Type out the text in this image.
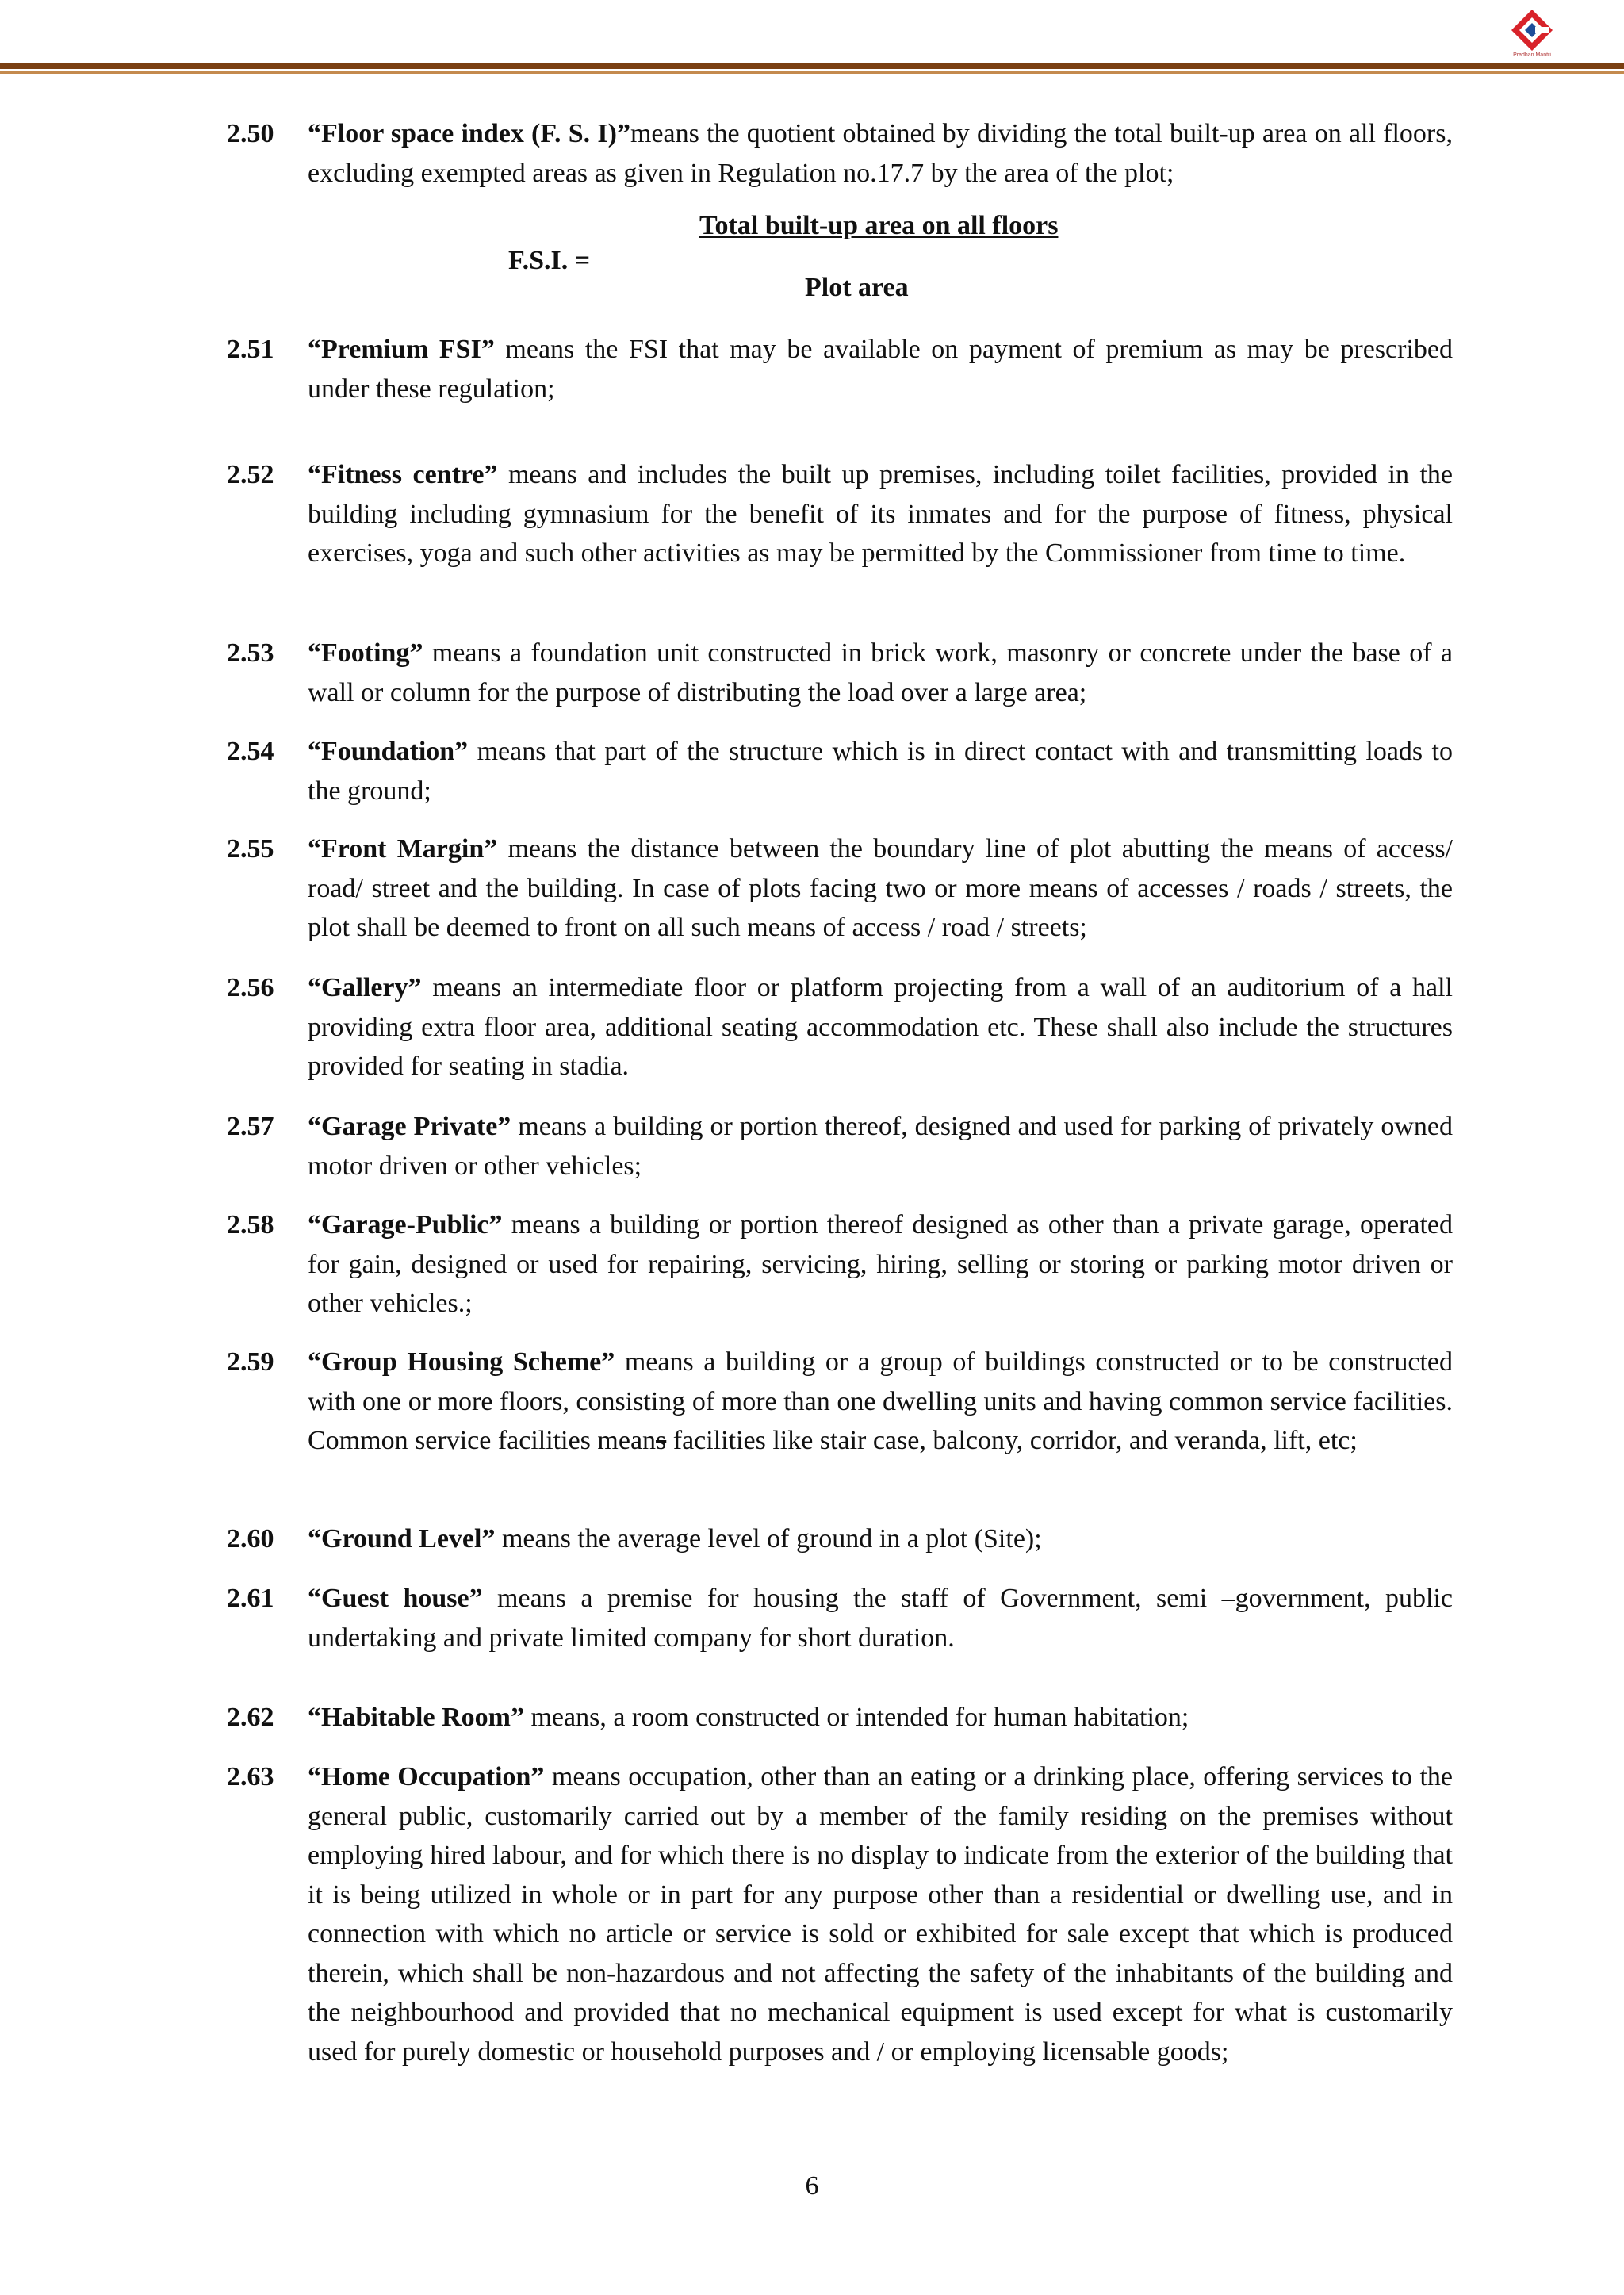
Pradhan Mantri
2.50	“Floor space index (F. S. I)”means the quotient obtained by dividing the total built-up area on all floors, excluding exempted areas as given in Regulation no.17.7 by the area of the plot;
Total built-up area on all floors
F.S.I. =
Plot area
2.51	“Premium FSI” means the FSI that may be available on payment of premium as may be prescribed under these regulation;
2.52	“Fitness centre” means and includes the built up premises, including toilet facilities, provided in the building including gymnasium for the benefit of its inmates and for the purpose of fitness, physical exercises, yoga and such other activities as may be permitted by the Commissioner from time to time.
2.53	“Footing” means a foundation unit constructed in brick work, masonry or concrete under the base of a wall or column for the purpose of distributing the load over a large area;
2.54	“Foundation” means that part of the structure which is in direct contact with and transmitting loads to the ground;
2.55	“Front Margin” means the distance between the boundary line of plot abutting the means of access/ road/ street and the building. In case of plots facing two or more means of accesses / roads / streets, the plot shall be deemed to front on all such means of access / road / streets;
2.56	“Gallery” means an intermediate floor or platform projecting from a wall of an auditorium of a hall providing extra floor area, additional seating accommodation etc. These shall also include the structures provided for seating in stadia.
2.57	“Garage Private” means a building or portion thereof, designed and used for parking of privately owned motor driven or other vehicles;
2.58	“Garage-Public” means a building or portion thereof designed as other than a private garage, operated for gain, designed or used for repairing, servicing, hiring, selling or storing or parking motor driven or other vehicles.;
2.59	“Group Housing Scheme” means a building or a group of buildings constructed or to be constructed with one or more floors, consisting of more than one dwelling units and having common service facilities. Common service facilities means facilities like stair case, balcony, corridor, and veranda, lift, etc;
2.60	“Ground Level” means the average level of ground in a plot (Site);
2.61	“Guest house” means a premise for housing the staff of Government, semi –government, public undertaking and private limited company for short duration.
2.62	“Habitable Room” means, a room constructed or intended for human habitation;
2.63	“Home Occupation” means occupation, other than an eating or a drinking place, offering services to the general public, customarily carried out by a member of the family residing on the premises without employing hired labour, and for which there is no display to indicate from the exterior of the building that it is being utilized in whole or in part for any purpose other than a residential or dwelling use, and in connection with which no article or service is sold or exhibited for sale except that which is produced therein, which shall be non-hazardous and not affecting the safety of the inhabitants of the building and the neighbourhood and provided that no mechanical equipment is used except for what is customarily used for purely domestic or household purposes and / or employing licensable goods;
6
